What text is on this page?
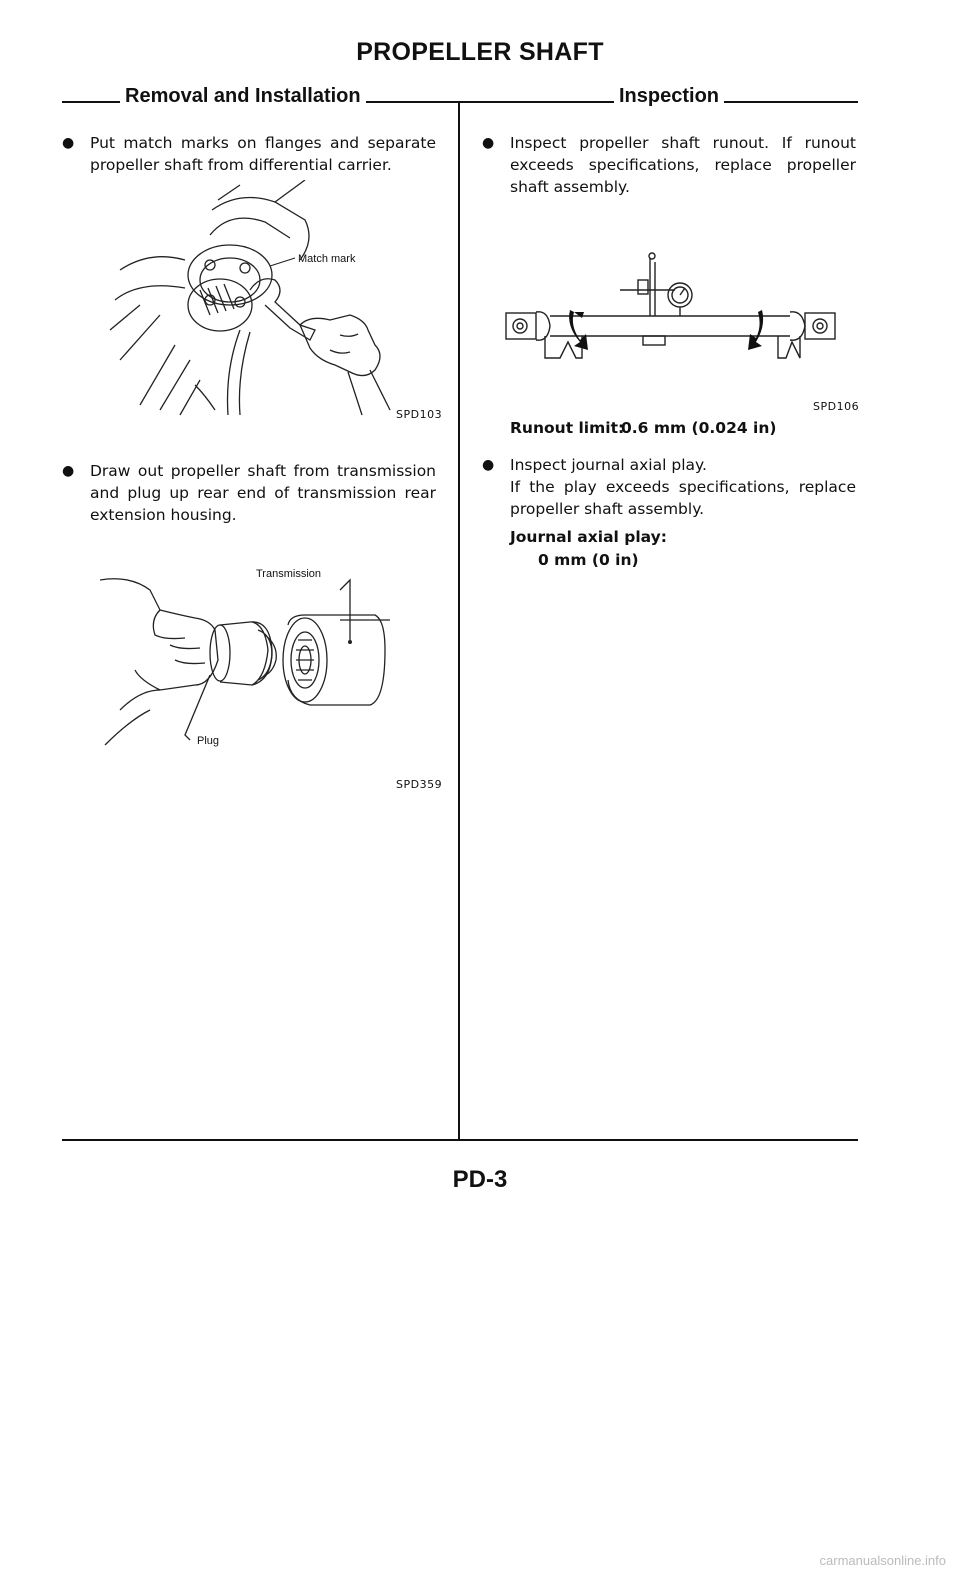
PROPELLER SHAFT
Removal and Installation	Inspection
● Put match marks on flanges and separate propeller shaft from differential carrier.
Match mark
SPD103
● Draw out propeller shaft from transmission and plug up rear end of transmission rear extension housing.
Transmission
Plug
SPD359
● Inspect propeller shaft runout. If runout exceeds specifications, replace propeller shaft assembly.
SPD106
Runout limit:
0.6 mm (0.024 in)
● Inspect journal axial play.
If the play exceeds specifications, replace propeller shaft assembly.
Journal axial play:
0 mm (0 in)
PD-3
carmanualsonline.info
